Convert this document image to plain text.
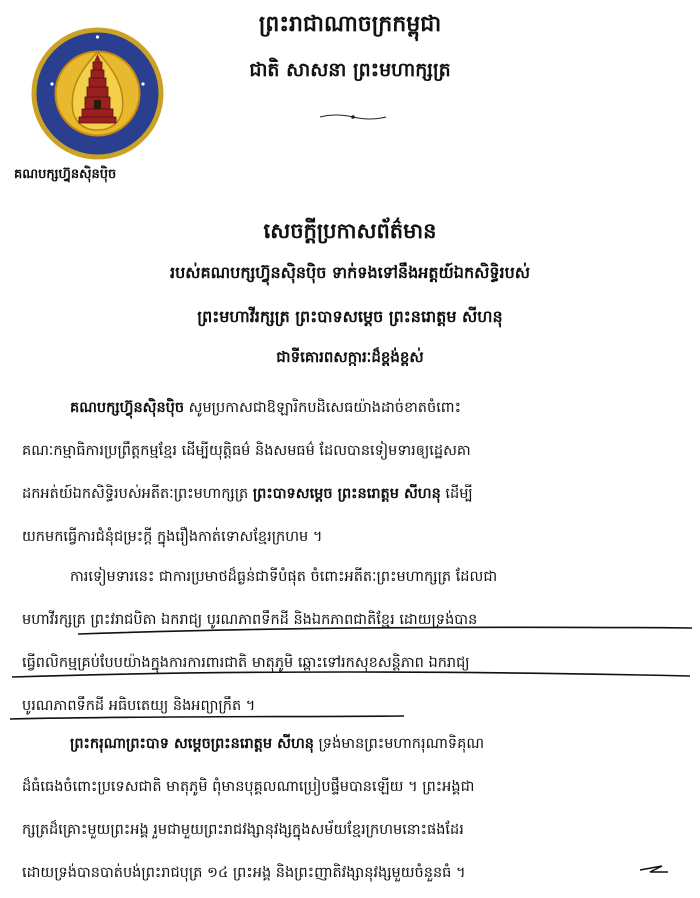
គណបក្សហ្វ៊ុនស៊ិនប៉ិច
ព្រះរាជាណាចក្រកម្ពុជា
ជាតិ សាសនា ព្រះមហាក្សត្រ
សេចក្តីប្រកាសព័ត៌មាន
របស់គណបក្សហ៊្វុនស៊ិនប៉ិច ទាក់ទងទៅនឹងអត្តយ៍ឯកសិទ្ធិរបស់
ព្រះមហាវីរក្សត្រ ព្រះបាទសម្តេច ព្រះនរោត្តម សីហនុ
ជាទីគោរពសក្ការៈដ៏ខ្ពង់ខ្ពស់
គណបក្សហ៊្វុនស៊ិនប៉ិច សូមប្រកាសជាឱឡារិកបដិសេធយ៉ាងដាច់ខាតចំពោះ
គណៈកម្មាធិការប្រព្រឹត្តកម្មខ្មែរ ដើម្បីយុត្តិធម៌ និងសមធម៌ ដែលបានទៀមទារឲ្យដ្ឋេសគា
ដកអត់យ៍ឯកសិទ្ធិរបស់អតីតៈព្រះមហាក្សត្រ ព្រះបាទសម្តេច ព្រះនរោត្តម សីហនុ ដើម្បី
យកមកធ្វើការជំនុំជម្រះក្តី ក្នុងរឿងកាត់ទោសខ្មែរក្រហម ។
ការទៀមទារនេះ ជាការប្រមាថដ៏ធ្ងន់ជាទីបំផុត ចំពោះអតីតៈព្រះមហាក្សត្រ ដែលជា
មហាវីរក្សត្រ ព្រះវរាជបិតា ឯករាជ្យ បូរណភាពទឹកដី និងឯកភាពជាតិខ្មែរ ដោយទ្រង់បាន
ធ្វើពលិកម្មគ្រប់បែបយ៉ាងក្នុងការការពារជាតិ មាតុភូមិ ឆ្ពោះទៅរកសុខសន្តិភាព ឯករាជ្យ
បូរណភាពទឹកដី អធិបតេយ្យ និងអព្យាក្រឹត ។
ព្រះករុណាព្រះបាទ សម្តេចព្រះនរោត្តម សីហនុ ទ្រង់មានព្រះមហាករុណាទិគុណ
ដ៏ធំធេងចំពោះប្រទេសជាតិ មាតុភូមិ ពុំមានបុគ្គលណាប្រៀបផ្ទឹមបានឡើយ ។ ព្រះអង្គជា
ក្សត្រដ៏គ្រោះមួយព្រះអង្គ រួមជាមួយព្រះរាជវង្សានុវង្សក្នុងសម័យខ្មែរក្រហមនោះផងដែរ
ដោយទ្រង់បានបាត់បង់ព្រះរាជបុត្រ ១៤ ព្រះអង្គ និងព្រះញាតិវង្សានុវង្សមួយចំនួនធំ ។
